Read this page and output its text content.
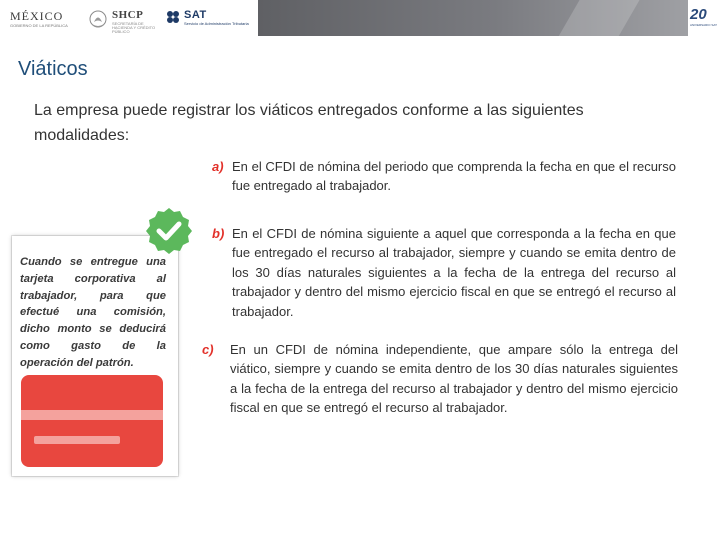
MÉXICO
GOBIERNO DE LA REPÚBLICA
SHCP
SECRETARÍA DE HACIENDA Y CRÉDITO PÚBLICO
SAT
Servicio de Administración Tributaria
20
ANIVERSARIO SAT
Viáticos
La empresa puede registrar los viáticos entregados conforme a las siguientes modalidades:
a) En el CFDI de nómina del periodo que comprenda la fecha en que el recurso fue entregado al trabajador.
b) En el CFDI de nómina siguiente a aquel que corresponda a la fecha en que fue entregado el recurso al trabajador, siempre y cuando se emita dentro de los 30 días naturales siguientes a la fecha de la entrega del recurso al trabajador y dentro del mismo ejercicio fiscal en que se entregó el recurso al trabajador.
c) En un CFDI de nómina independiente, que ampare sólo la entrega del viático, siempre y cuando se emita dentro de los 30 días naturales siguientes a la fecha de la entrega del recurso al trabajador y dentro del mismo ejercicio fiscal en que se entregó el recurso al trabajador.
Cuando se entregue una tarjeta corporativa al trabajador, para que efectué una comisión, dicho monto se deducirá como gasto de la operación del patrón.
